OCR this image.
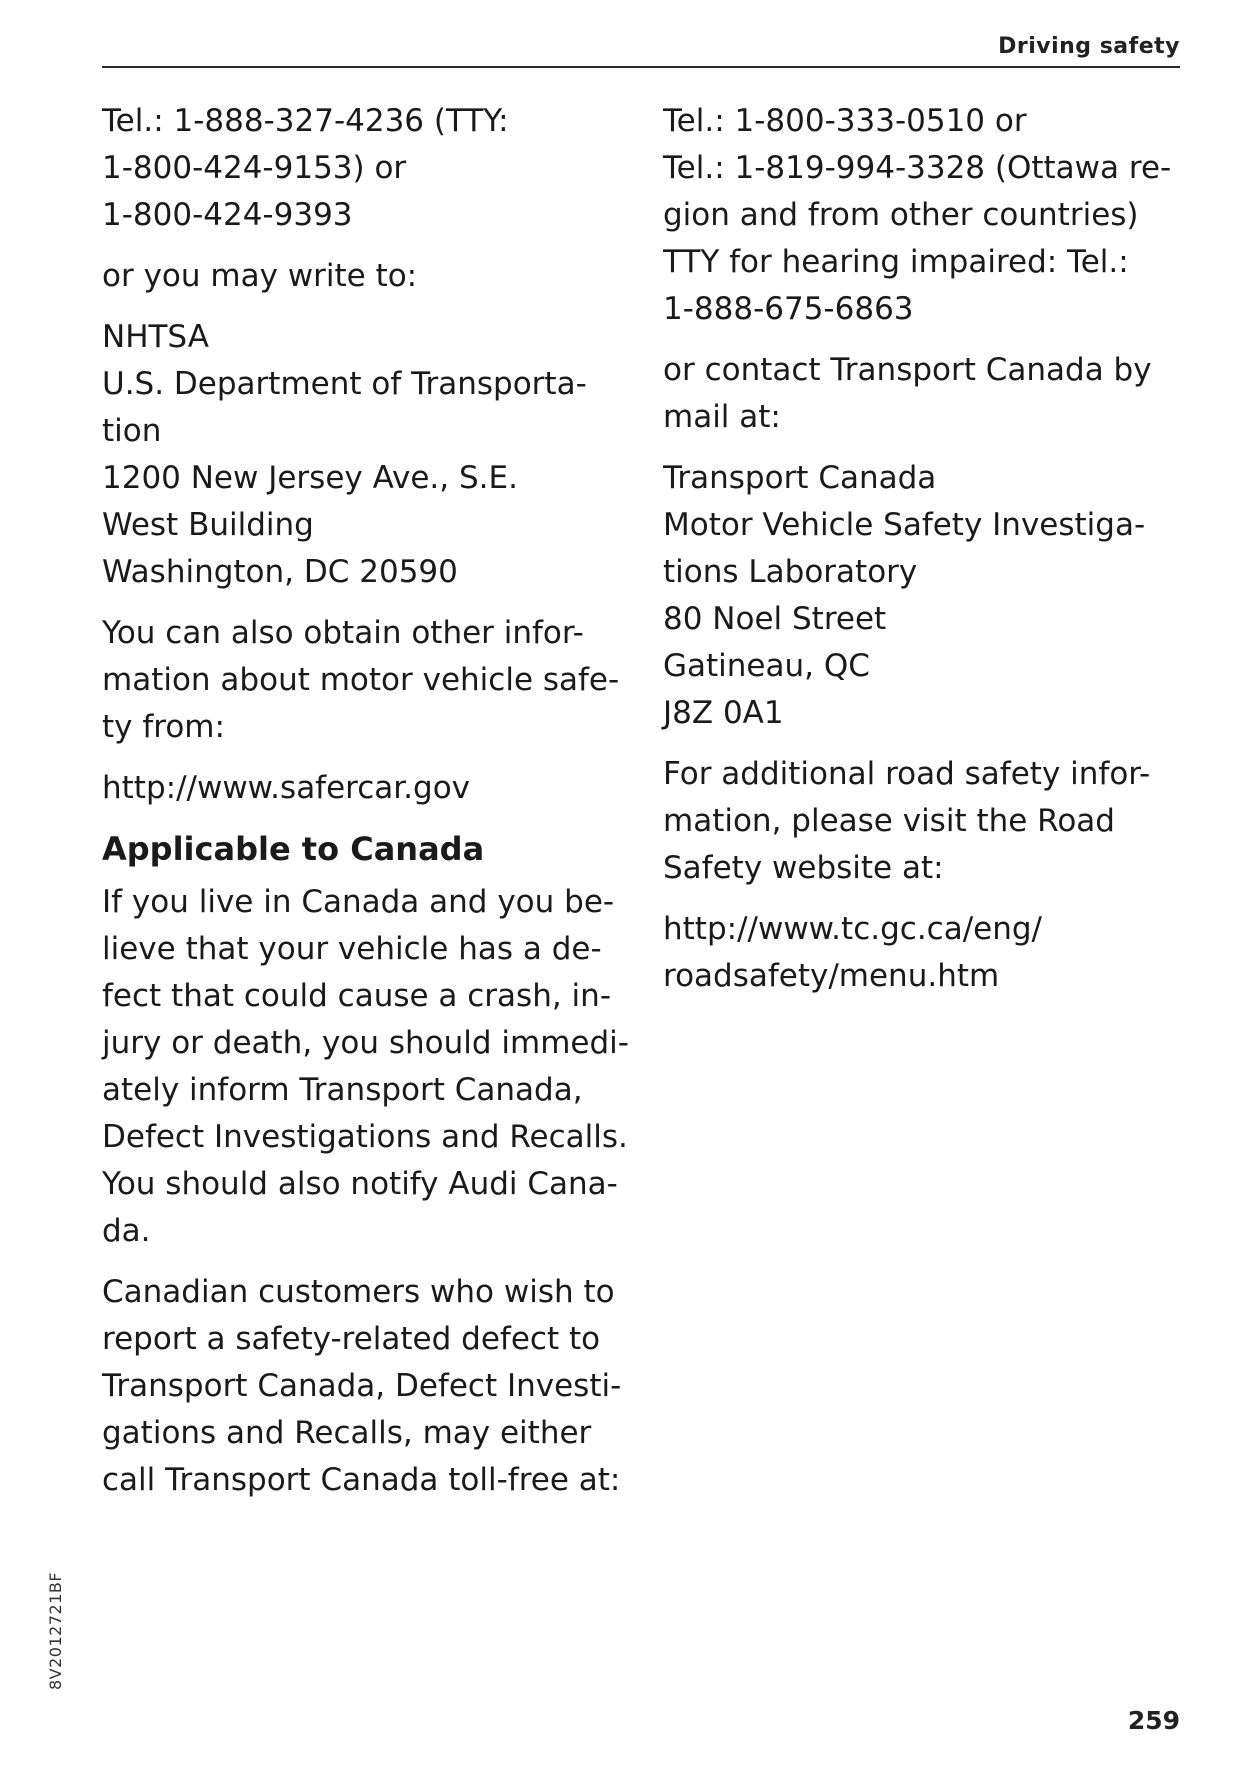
Driving safety
Tel.: 1-888-327-4236 (TTY:
1-800-424-9153) or
1-800-424-9393
or you may write to:
NHTSA
U.S. Department of Transporta-
tion
1200 New Jersey Ave., S.E.
West Building
Washington, DC 20590
You can also obtain other infor-
mation about motor vehicle safe-
ty from:
http://www.safercar.gov
Applicable to Canada
If you live in Canada and you be-
lieve that your vehicle has a de-
fect that could cause a crash, in-
jury or death, you should immedi-
ately inform Transport Canada,
Defect Investigations and Recalls.
You should also notify Audi Cana-
da.
Canadian customers who wish to
report a safety-related defect to
Transport Canada, Defect Investi-
gations and Recalls, may either
call Transport Canada toll-free at:
Tel.: 1-800-333-0510 or
Tel.: 1-819-994-3328 (Ottawa re-
gion and from other countries)
TTY for hearing impaired: Tel.:
1-888-675-6863
or contact Transport Canada by
mail at:
Transport Canada
Motor Vehicle Safety Investiga-
tions Laboratory
80 Noel Street
Gatineau, QC
J8Z 0A1
For additional road safety infor-
mation, please visit the Road
Safety website at:
http://www.tc.gc.ca/eng/
roadsafety/menu.htm
8V2012721BF
259
